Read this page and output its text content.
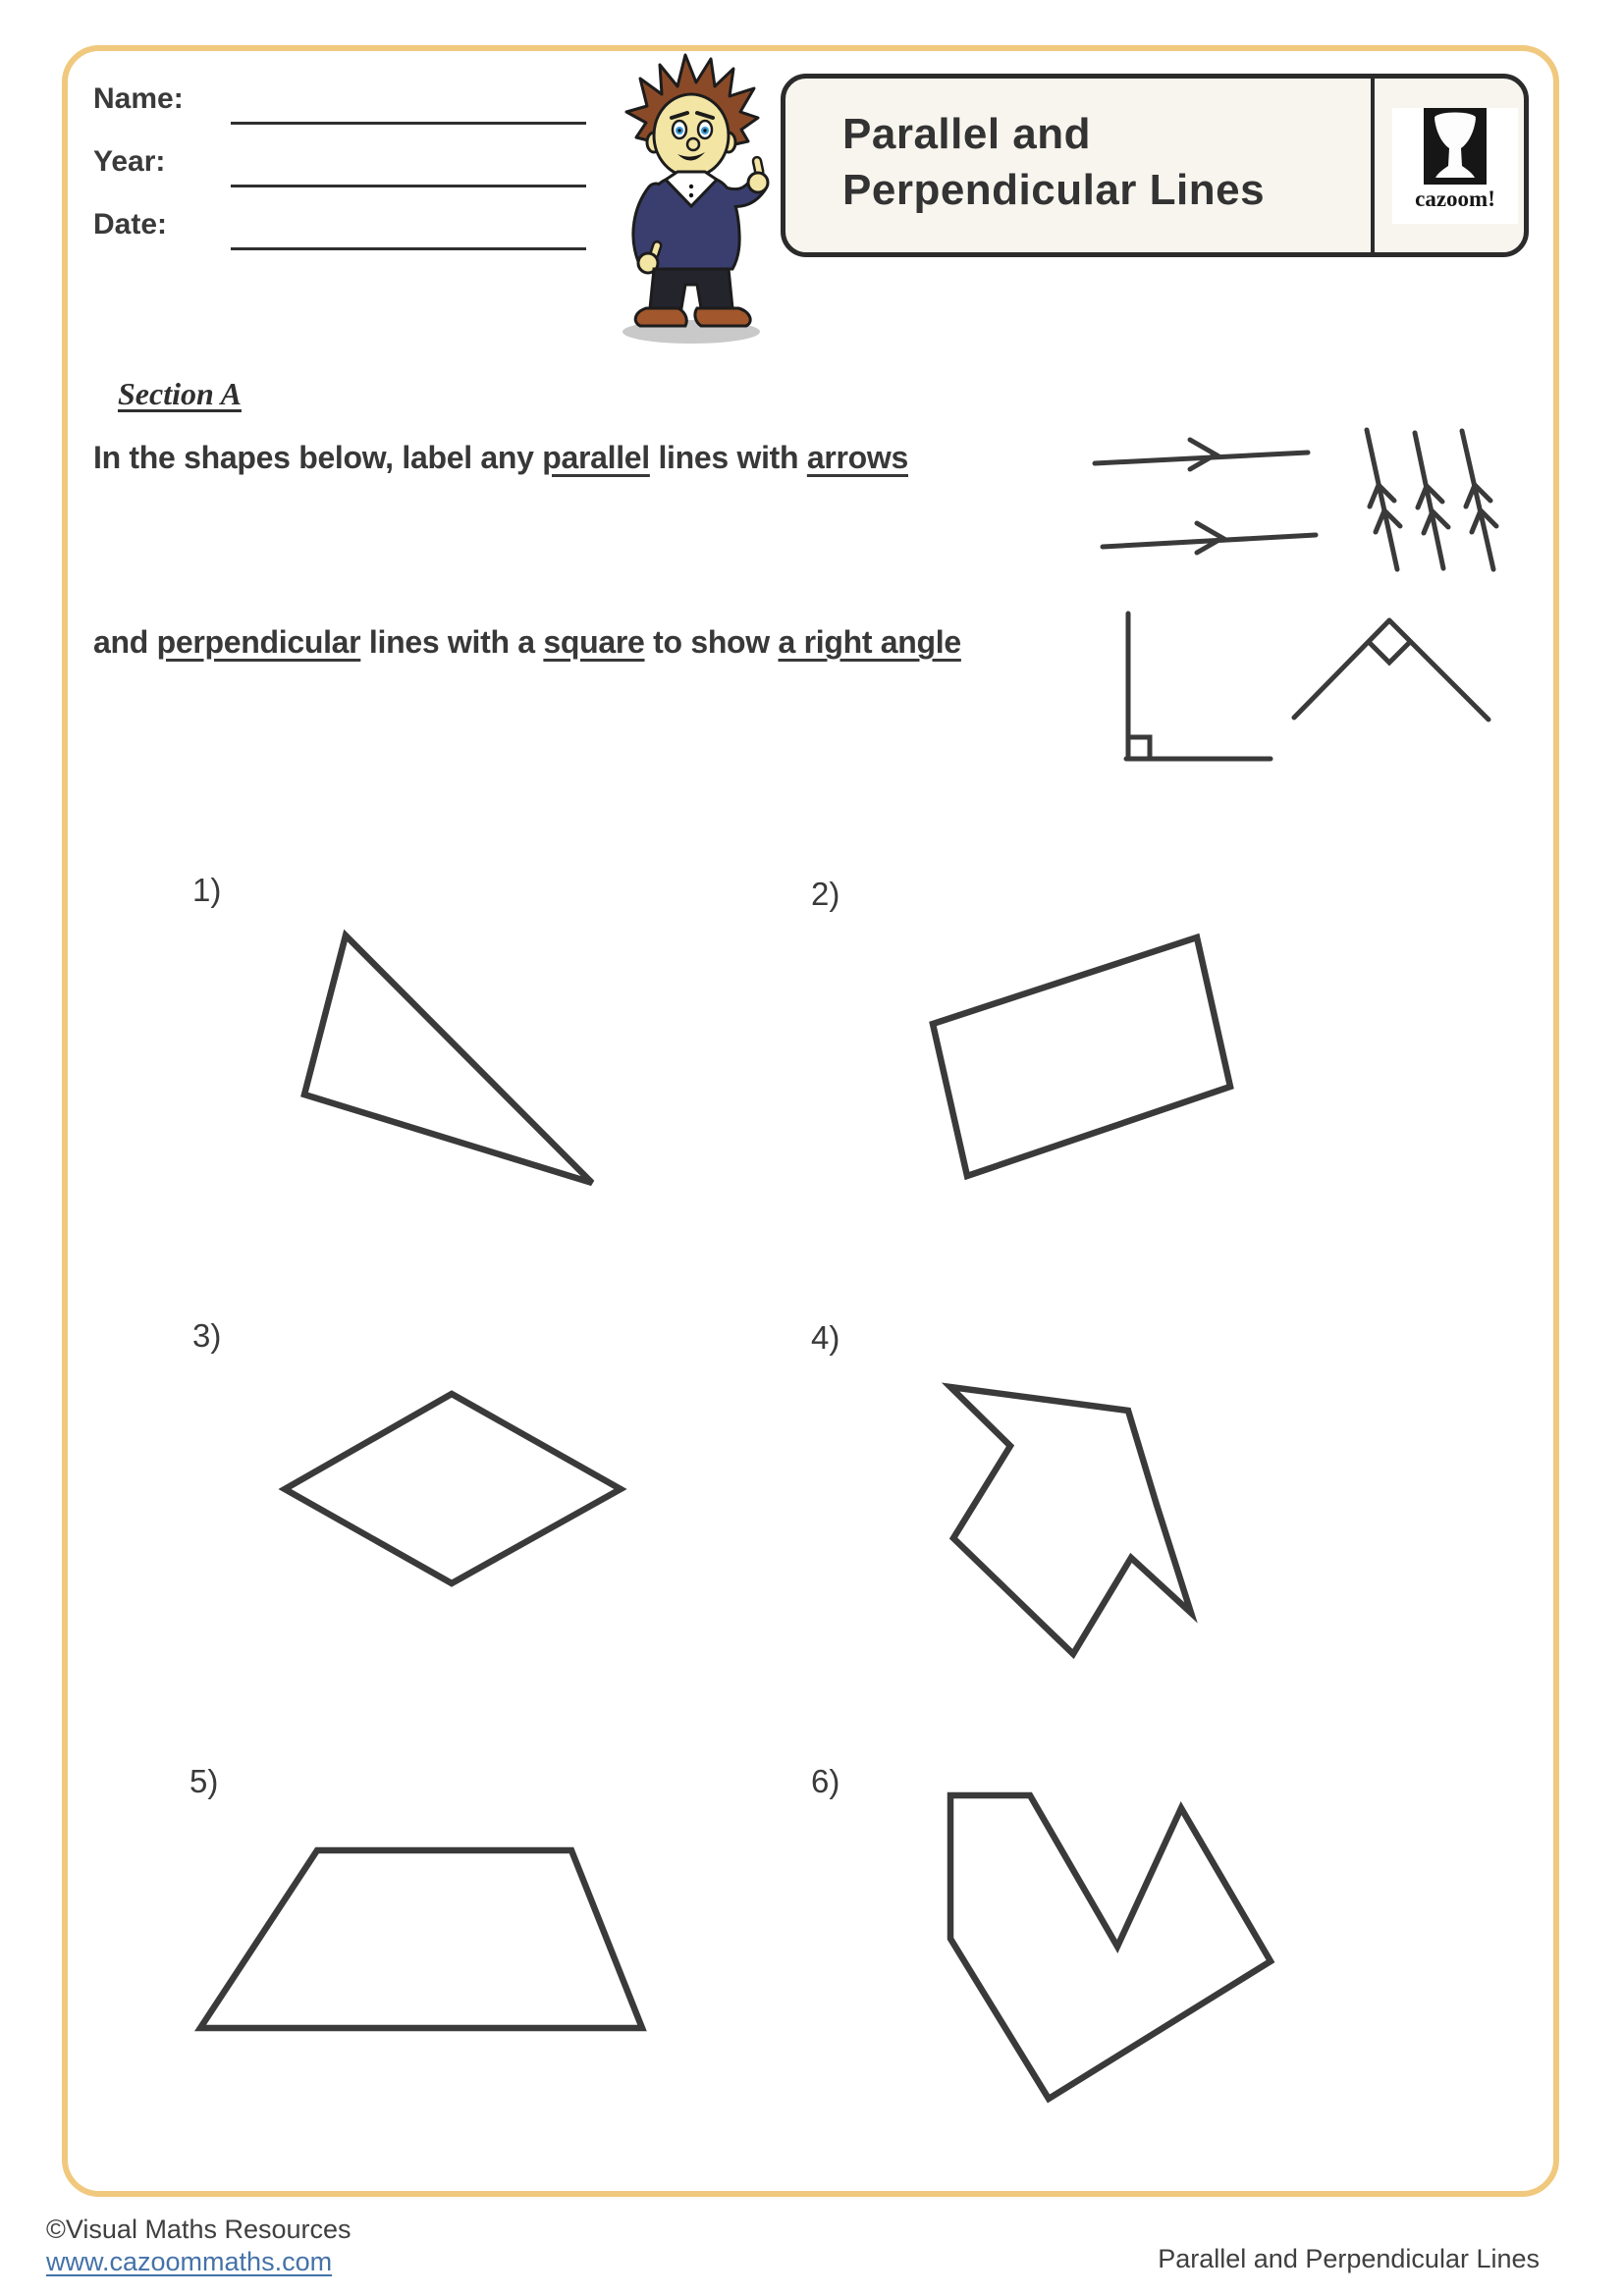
Name:
Year:
Date:
Parallel and
Perpendicular Lines	cazoom!
Section A

In the shapes below, label any parallel lines with arrows

and perpendicular lines with a square to show a right angle

1)	2)
3)	4)
5)	6)
©Visual Maths Resources
www.cazoommaths.com	Parallel and Perpendicular Lines
